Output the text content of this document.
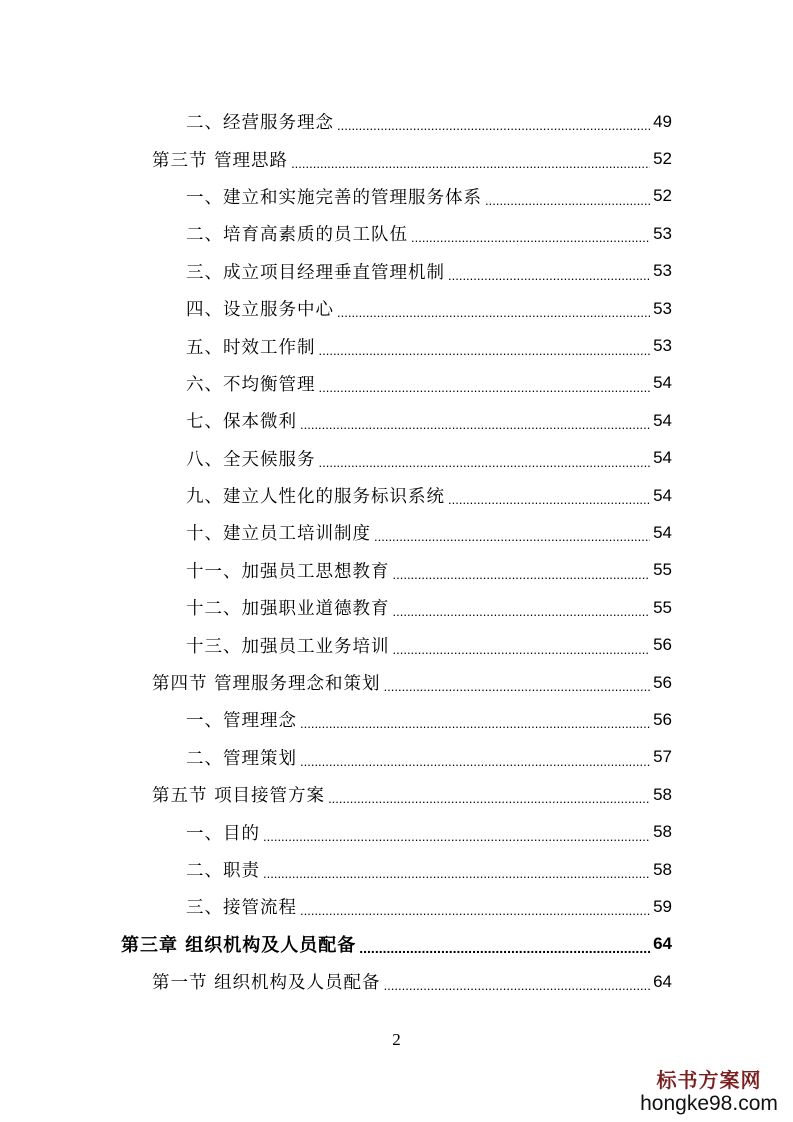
二、经营服务理念 .....	49
第三节 管理思路 .....	52
一、建立和实施完善的管理服务体系 .....	52
二、培育高素质的员工队伍 .....	53
三、成立项目经理垂直管理机制 .....	53
四、设立服务中心 .....	53
五、时效工作制 .....	53
六、不均衡管理 .....	54
七、保本微利 .....	54
八、全天候服务 .....	54
九、建立人性化的服务标识系统 .....	54
十、建立员工培训制度 .....	54
十一、加强员工思想教育 .....	55
十二、加强职业道德教育 .....	55
十三、加强员工业务培训 .....	56
第四节 管理服务理念和策划 .....	56
一、管理理念 .....	56
二、管理策划 .....	57
第五节 项目接管方案 .....	58
一、目的 .....	58
二、职责 .....	58
三、接管流程 .....	59
第三章 组织机构及人员配备 .....	64
第一节 组织机构及人员配备 .....	64
2
标书方案网
hongke98.com
